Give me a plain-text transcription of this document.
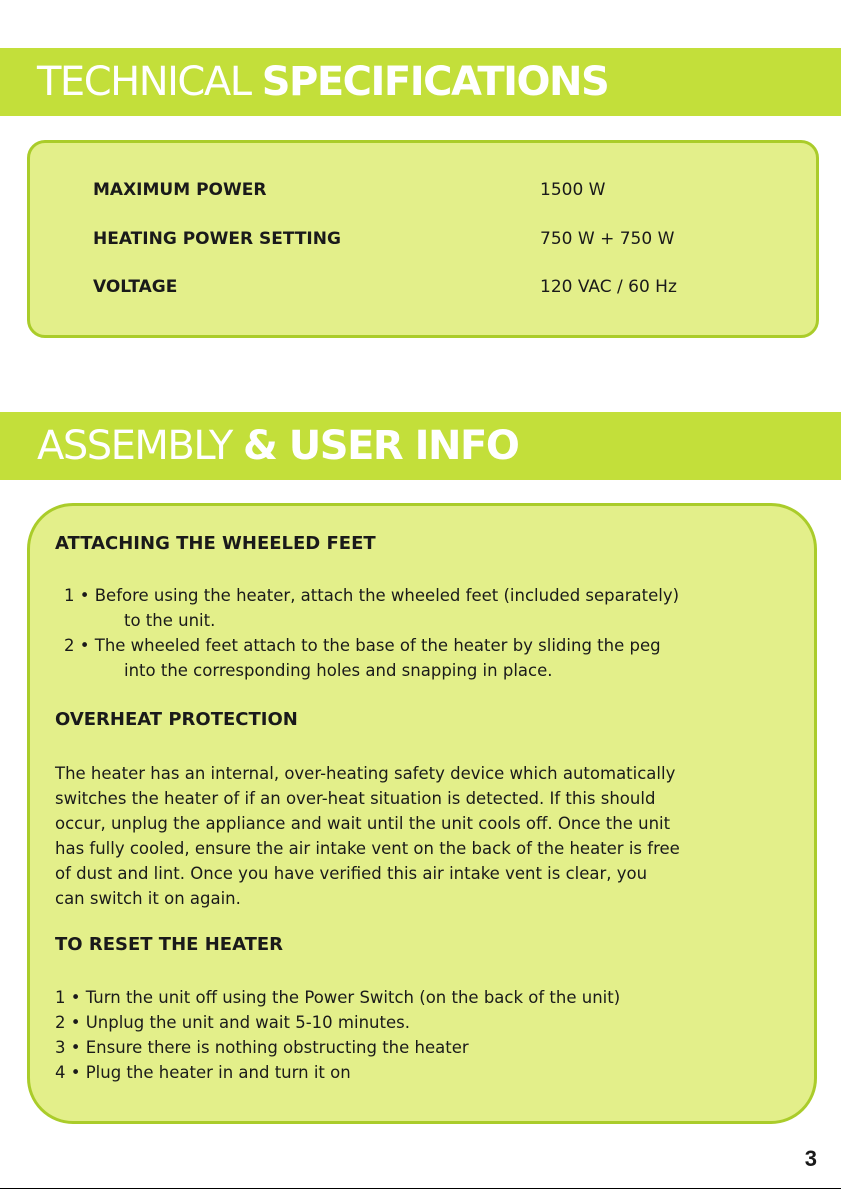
TECHNICAL SPECIFICATIONS
MAXIMUM POWER	1500 W
HEATING POWER SETTING	750 W + 750 W
VOLTAGE	120 VAC / 60 Hz
ASSEMBLY & USER INFO
ATTACHING THE WHEELED FEET
1 • Before using the heater, attach the wheeled feet (included separately)
to the unit.
2 • The wheeled feet attach to the base of the heater by sliding the peg
into the corresponding holes and snapping in place.
OVERHEAT PROTECTION
The heater has an internal, over-heating safety device which automatically
switches the heater of if an over-heat situation is detected. If this should
occur, unplug the appliance and wait until the unit cools off. Once the unit
has fully cooled, ensure the air intake vent on the back of the heater is free
of dust and lint. Once you have verified this air intake vent is clear, you
can switch it on again.
TO RESET THE HEATER
1 • Turn the unit off using the Power Switch (on the back of the unit)
2 • Unplug the unit and wait 5-10 minutes.
3 • Ensure there is nothing obstructing the heater
4 • Plug the heater in and turn it on
3
